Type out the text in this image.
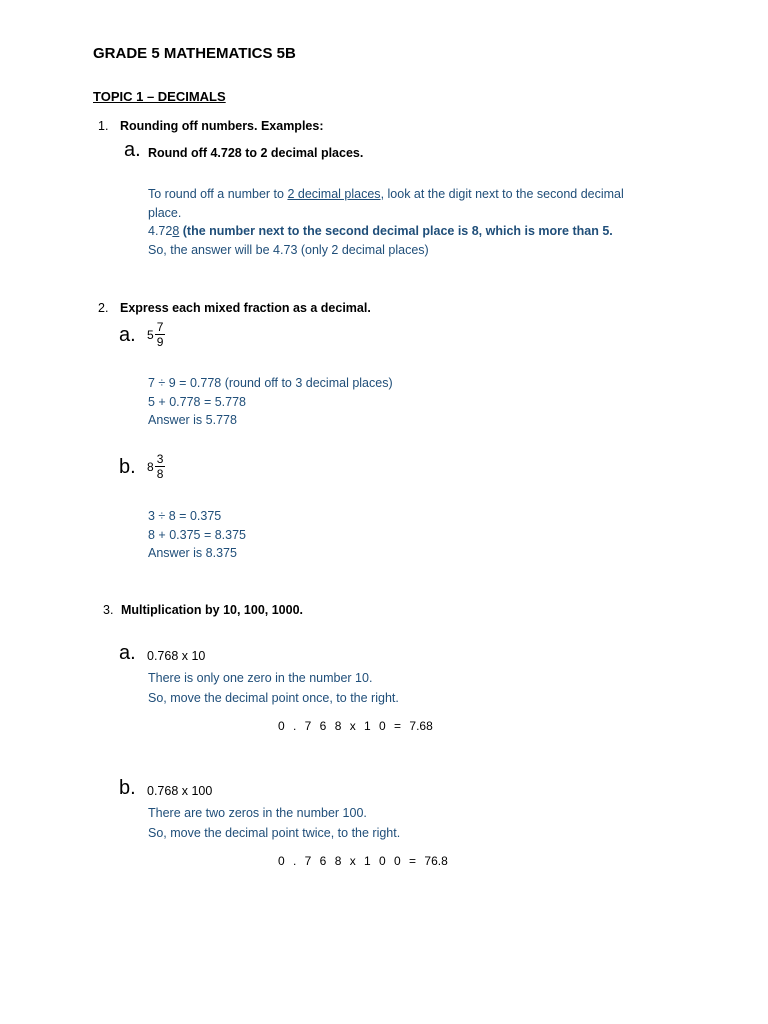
GRADE 5 MATHEMATICS 5B
TOPIC 1 – DECIMALS
1. Rounding off numbers. Examples:
a. Round off 4.728 to 2 decimal places.
To round off a number to 2 decimal places, look at the digit next to the second decimal
place.
4.728 (the number next to the second decimal place is 8, which is more than 5.
So, the answer will be 4.73 (only 2 decimal places)
2. Express each mixed fraction as a decimal.
a. $5 \frac{7}{9}$
7 ÷ 9 = 0.778 (round off to 3 decimal places)
5 + 0.778 = 5.778
Answer is 5.778
b. $8 \frac{3}{8}$
3 ÷ 8 = 0.375
8 + 0.375 = 8.375
Answer is 8.375
3. Multiplication by 10, 100, 1000.
a. 0.768 x 10
There is only one zero in the number 10.
So, move the decimal point once, to the right.
0 . 7 6 8 x 1 0 = 7.68
b. 0.768 x 100
There are two zeros in the number 100.
So, move the decimal point twice, to the right.
0 . 7 6 8 x 1 0 0 = 76.8
